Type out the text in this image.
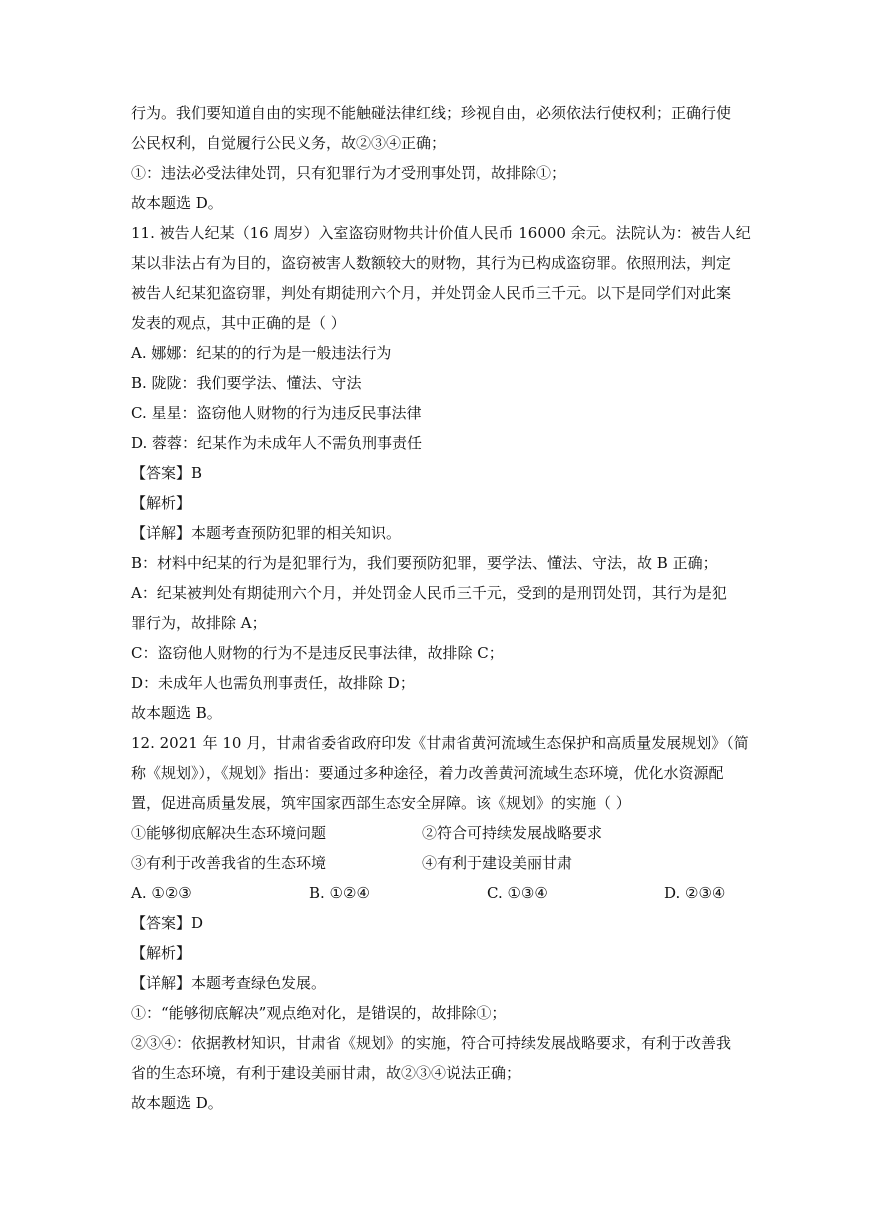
行为。我们要知道自由的实现不能触碰法律红线；珍视自由，必须依法行使权利；正确行使
公民权利，自觉履行公民义务，故②③④正确；
①：违法必受法律处罚，只有犯罪行为才受刑事处罚，故排除①；
故本题选 D。
11. 被告人纪某（16 周岁）入室盗窃财物共计价值人民币 16000 余元。法院认为：被告人纪
某以非法占有为目的，盗窃被害人数额较大的财物，其行为已构成盗窃罪。依照刑法，判定
被告人纪某犯盗窃罪，判处有期徒刑六个月，并处罚金人民币三千元。以下是同学们对此案
发表的观点，其中正确的是（ ）
A. 娜娜：纪某的的行为是一般违法行为
B. 陇陇：我们要学法、懂法、守法
C. 星星：盗窃他人财物的行为违反民事法律
D. 蓉蓉：纪某作为未成年人不需负刑事责任
【答案】B
【解析】
【详解】本题考查预防犯罪的相关知识。
B：材料中纪某的行为是犯罪行为，我们要预防犯罪，要学法、懂法、守法，故 B 正确；
A：纪某被判处有期徒刑六个月，并处罚金人民币三千元，受到的是刑罚处罚，其行为是犯
罪行为，故排除 A；
C：盗窃他人财物的行为不是违反民事法律，故排除 C；
D：未成年人也需负刑事责任，故排除 D；
故本题选 B。
12. 2021 年 10 月，甘肃省委省政府印发《甘肃省黄河流域生态保护和高质量发展规划》（简
称《规划》），《规划》指出：要通过多种途径，着力改善黄河流域生态环境，优化水资源配
置，促进高质量发展，筑牢国家西部生态安全屏障。该《规划》的实施（ ）
①能够彻底解决生态环境问题	②符合可持续发展战略要求
③有利于改善我省的生态环境	④有利于建设美丽甘肃
A. ①②③	B. ①②④	C. ①③④	D. ②③④
【答案】D
【解析】
【详解】本题考查绿色发展。
①：“能够彻底解决”观点绝对化，是错误的，故排除①；
②③④：依据教材知识，甘肃省《规划》的实施，符合可持续发展战略要求，有利于改善我
省的生态环境，有利于建设美丽甘肃，故②③④说法正确；
故本题选 D。
